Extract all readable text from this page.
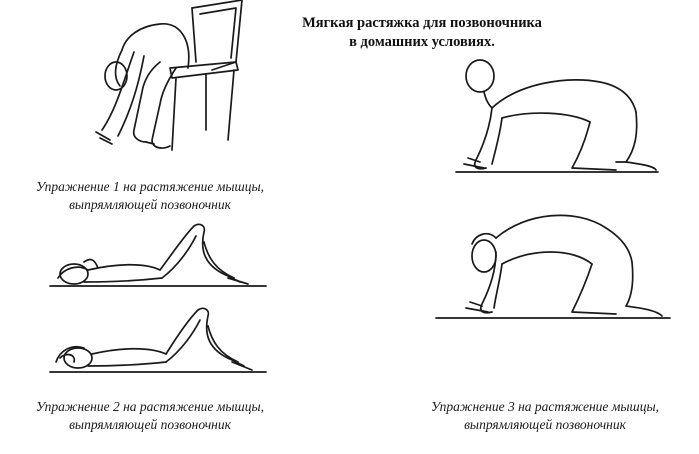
Мягкая растяжка для позвоночника
в домашних условиях.
Упражнение 1 на растяжение мышцы,
выпрямляющей позвоночник
Упражнение 2 на растяжение мышцы,
выпрямляющей позвоночник
Упражнение 3 на растяжение мышцы,
выпрямляющей позвоночник
